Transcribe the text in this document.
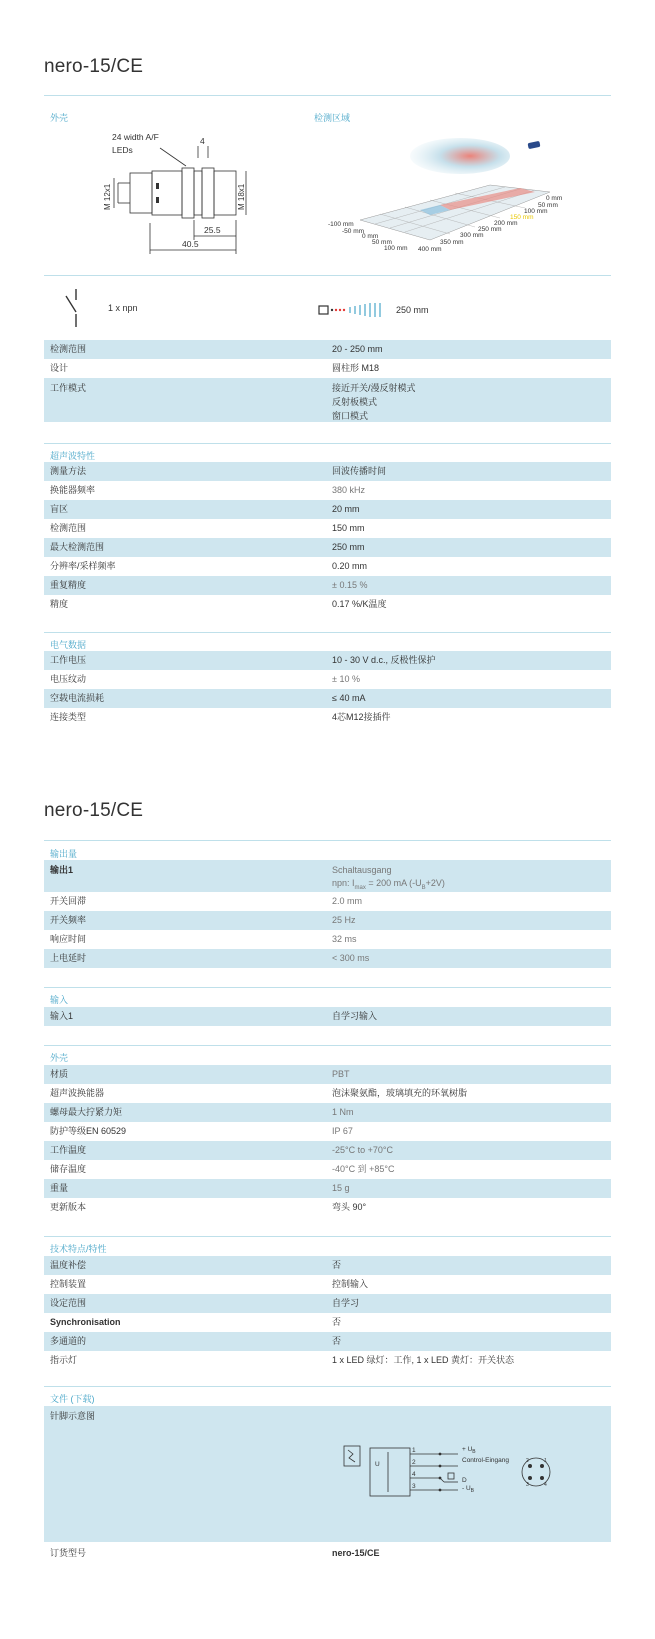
nero-15/CE
外壳	检测区域
24 width A/F
LEDs
4
M 12x1	M 18x1
25.5
40.5
0 mm
50 mm
100 mm
150 mm
200 mm
250 mm
300 mm
350 mm
400 mm
-100 mm
-50 mm
0 mm
50 mm
100 mm
1 x npn	250 mm
检测范围	20 - 250 mm
设计	圆柱形 M18
工作模式	接近开关/漫反射模式
反射板模式
窗口模式
超声波特性
测量方法	回波传播时间
换能器频率	380 kHz
盲区	20 mm
检测范围	150 mm
最大检测范围	250 mm
分辨率/采样频率	0.20 mm
重复精度	± 0.15 %
精度	0.17 %/K温度
电气数据
工作电压	10 - 30 V d.c., 反极性保护
电压纹动	± 10 %
空载电流损耗	≤ 40 mA
连接类型	4芯M12接插件
nero-15/CE
输出量
输出1	Schaltausgang
npn: $I_{max} = 200$ mA $(-U_B+2V)$
开关回滞	2.0 mm
开关频率	25 Hz
响应时间	32 ms
上电延时	< 300 ms
输入
输入1	自学习输入
外壳
材质	PBT
超声波换能器	泡沫聚氨酯，玻璃填充的环氧树脂
螺母最大拧紧力矩	1 Nm
防护等级EN 60529	IP 67
工作温度	-25°C to +70°C
储存温度	-40°C 到 +85°C
重量	15 g
更新版本	弯头 90°
技术特点/特性
温度补偿	否
控制装置	控制输入
设定范围	自学习
Synchronisation	否
多通道的	否
指示灯	1 x LED 绿灯：工作, 1 x LED 黄灯：开关状态
文件 (下载)
针脚示意图
U
1
2
4
3
+ $U_B$
Control-Eingang
D
- $U_B$
2	1
3	4
订货型号	nero-15/CE
